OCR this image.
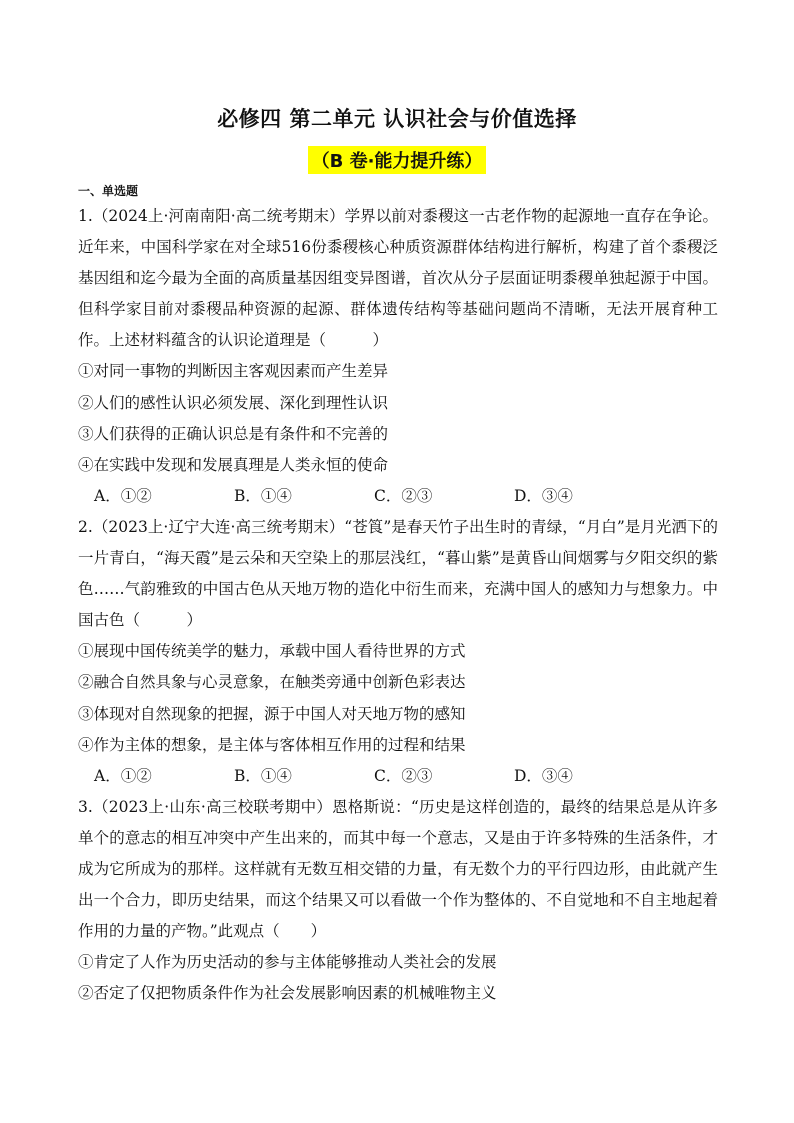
必修四 第二单元 认识社会与价值选择
（B 卷·能力提升练）
一、单选题

1.（2024上·河南南阳·高二统考期末）学界以前对黍稷这一古老作物的起源地一直存在争论。近年来，中国科学家在对全球516份黍稷核心种质资源群体结构进行解析，构建了首个黍稷泛基因组和迄今最为全面的高质量基因组变异图谱，首次从分子层面证明黍稷单独起源于中国。但科学家目前对黍稷品种资源的起源、群体遗传结构等基础问题尚不清晰，无法开展育种工作。上述材料蕴含的认识论道理是（　　　）

①对同一事物的判断因主客观因素而产生差异

②人们的感性认识必须发展、深化到理性认识

③人们获得的正确认识总是有条件和不完善的

④在实践中发现和发展真理是人类永恒的使命

A．①②	B．①④	C．②③	D．③④

2.（2023上·辽宁大连·高三统考期末）“苍筤”是春天竹子出生时的青绿，“月白”是月光洒下的一片青白，“海天霞”是云朵和天空染上的那层浅红，“暮山紫”是黄昏山间烟雾与夕阳交织的紫色……气韵雅致的中国古色从天地万物的造化中衍生而来，充满中国人的感知力与想象力。中国古色（　　　）

①展现中国传统美学的魅力，承载中国人看待世界的方式

②融合自然具象与心灵意象，在触类旁通中创新色彩表达

③体现对自然现象的把握，源于中国人对天地万物的感知

④作为主体的想象，是主体与客体相互作用的过程和结果

A．①②	B．①④	C．②③	D．③④

3.（2023上·山东·高三校联考期中）恩格斯说：“历史是这样创造的，最终的结果总是从许多单个的意志的相互冲突中产生出来的，而其中每一个意志，又是由于许多特殊的生活条件，才成为它所成为的那样。这样就有无数互相交错的力量，有无数个力的平行四边形，由此就产生出一个合力，即历史结果，而这个结果又可以看做一个作为整体的、不自觉地和不自主地起着作用的力量的产物。”此观点（　　）

①肯定了人作为历史活动的参与主体能够推动人类社会的发展

②否定了仅把物质条件作为社会发展影响因素的机械唯物主义
